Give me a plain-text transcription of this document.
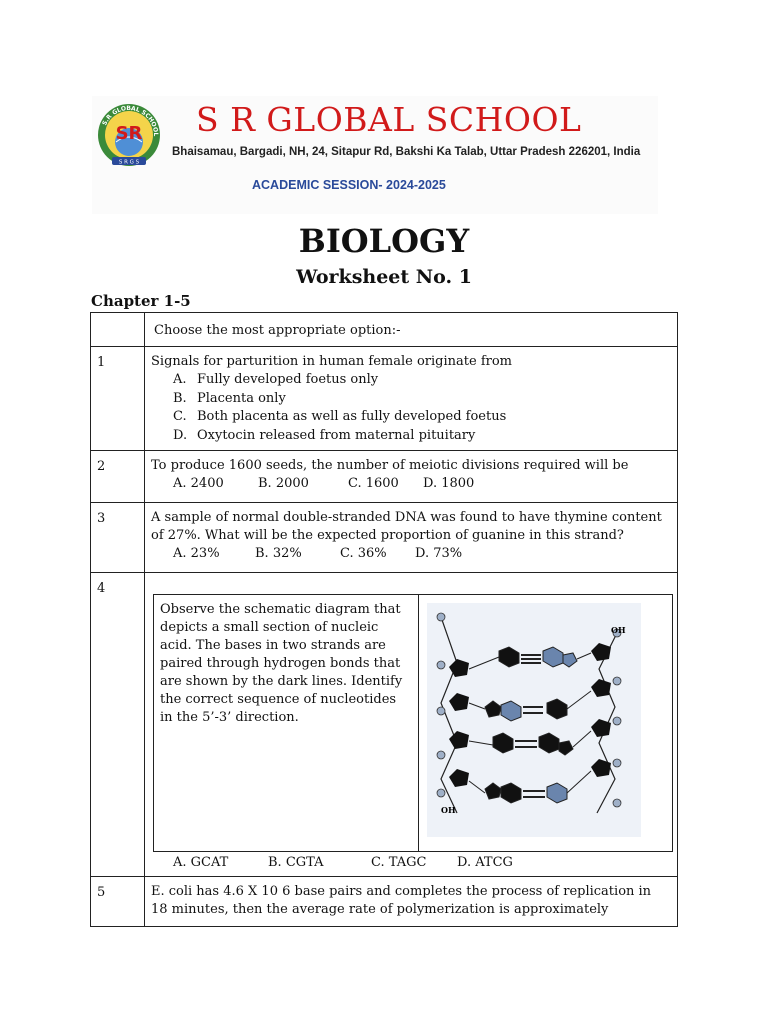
SR
S.R GLOBAL SCHOOL
S R G S
S R GLOBAL SCHOOL
Bhaisamau, Bargadi, NH, 24, Sitapur Rd, Bakshi Ka Talab, Uttar Pradesh 226201, India
ACADEMIC SESSION- 2024-2025
BIOLOGY
Worksheet No. 1
Chapter 1-5
	Choose the most appropriate option:-

1	Signals for parturition in human female originate from
A. Fully developed foetus only
B. Placenta only
C. Both placenta as well as fully developed foetus
D. Oxytocin released from maternal pituitary

2	To produce 1600 seeds, the number of meiotic divisions required will be
A. 2400	B. 2000	C. 1600 D. 1800

3	A sample of normal double-stranded DNA was found to have thymine content of 27%. What will be the expected proportion of guanine in this strand?
A. 23%	B. 32%	C. 36% D. 73%

4

Observe the schematic diagram that depicts a small section of nucleic acid. The bases in two strands are paired through hydrogen bonds that are shown by the dark lines. Identify the correct sequence of nucleotides in the 5’-3’ direction.	
OH
OH
A. GCAT	B. CGTA	C. TAGC D. ATCG

5	E. coli has 4.6 X 10 6 base pairs and completes the process of replication in 18 minutes, then the average rate of polymerization is approximately
